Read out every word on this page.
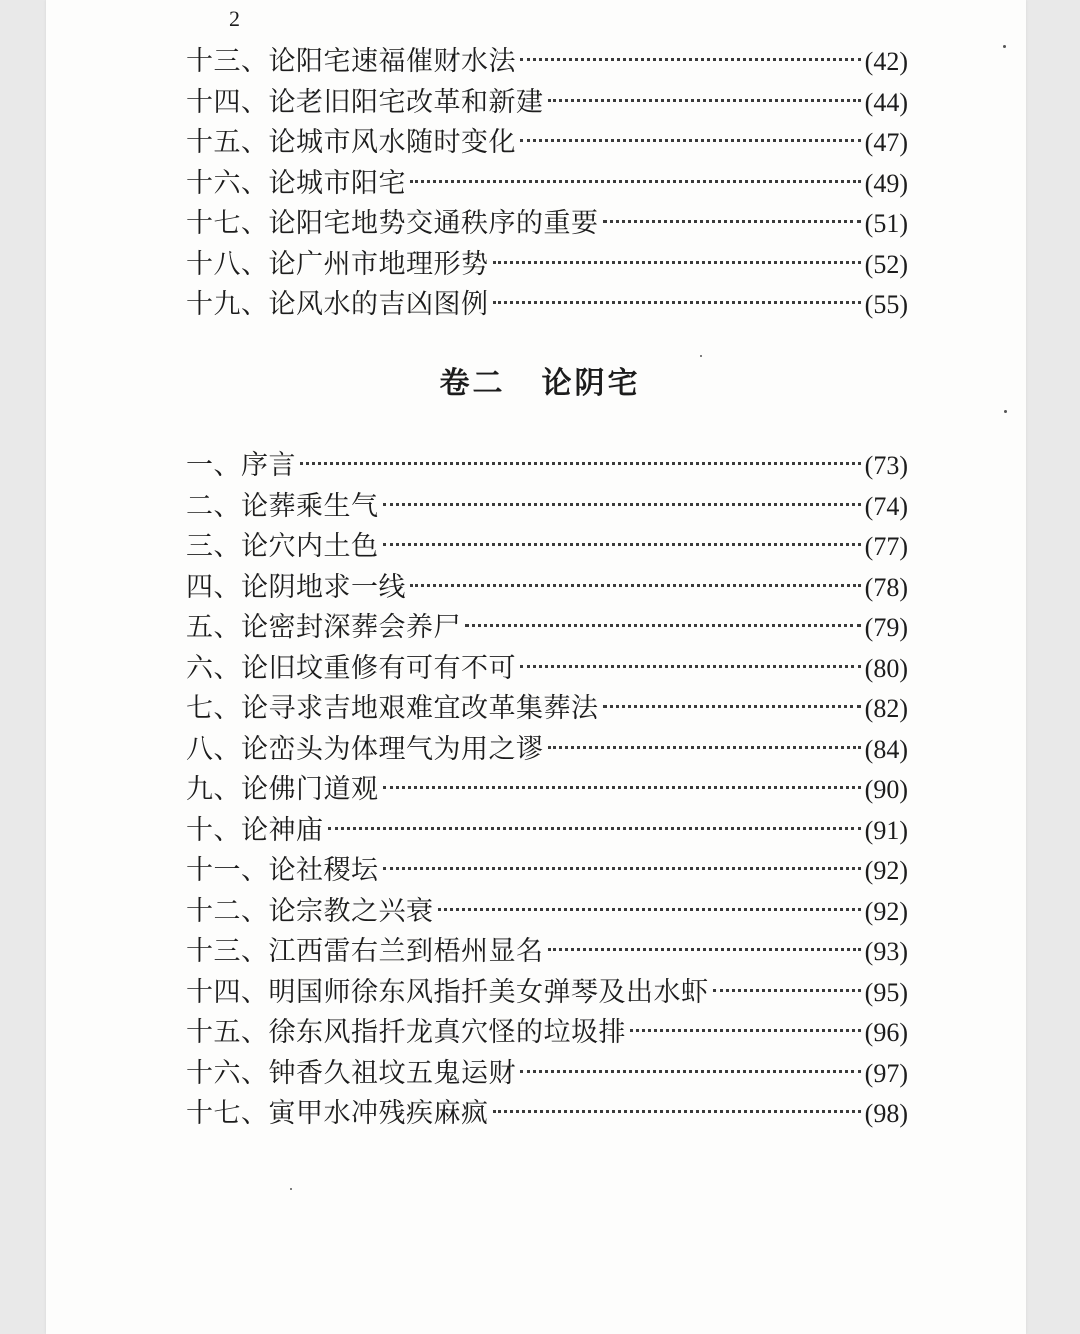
2
十三、论阳宅速福催财水法	(42)
十四、论老旧阳宅改革和新建	(44)
十五、论城市风水随时变化	(47)
十六、论城市阳宅	(49)
十七、论阳宅地势交通秩序的重要	(51)
十八、论广州市地理形势	(52)
十九、论风水的吉凶图例	(55)
卷二 论阴宅
一、序言	(73)
二、论葬乘生气	(74)
三、论穴内土色	(77)
四、论阴地求一线	(78)
五、论密封深葬会养尸	(79)
六、论旧坟重修有可有不可	(80)
七、论寻求吉地艰难宜改革集葬法	(82)
八、论峦头为体理气为用之谬	(84)
九、论佛门道观	(90)
十、论神庙	(91)
十一、论社稷坛	(92)
十二、论宗教之兴衰	(92)
十三、江西雷右兰到梧州显名	(93)
十四、明国师徐东风指扦美女弹琴及出水虾	(95)
十五、徐东风指扦龙真穴怪的垃圾排	(96)
十六、钟香久祖坟五鬼运财	(97)
十七、寅甲水冲残疾麻疯	(98)
